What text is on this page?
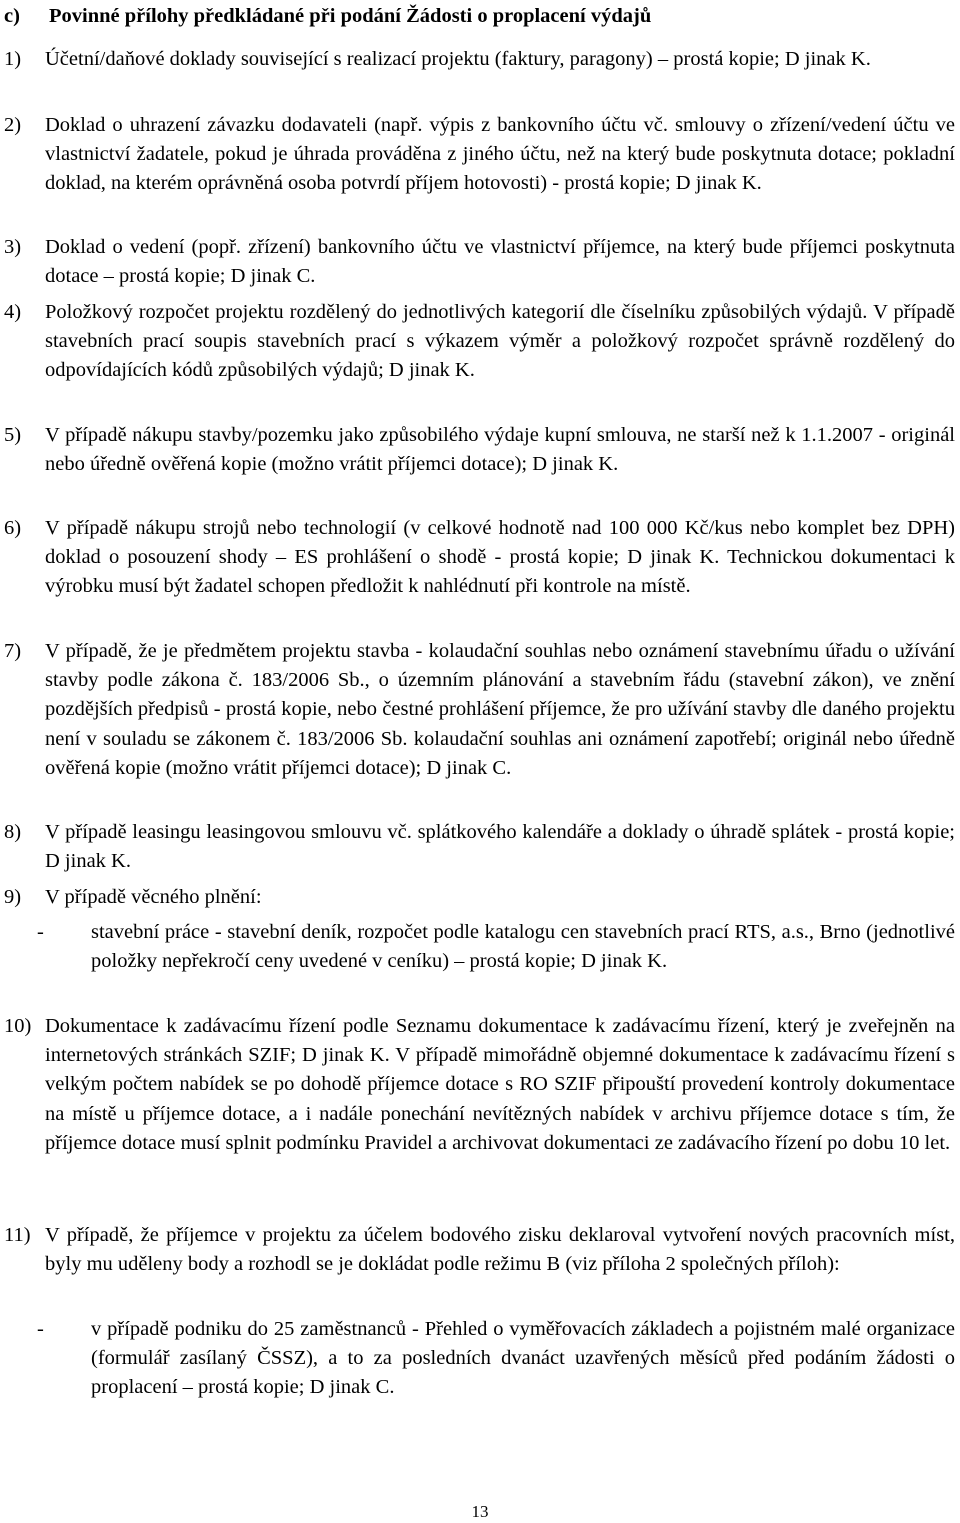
c) Povinné přílohy předkládané při podání Žádosti o proplacení výdajů
1) Účetní/daňové doklady související s realizací projektu (faktury, paragony) – prostá kopie; D jinak K.
2) Doklad o uhrazení závazku dodavateli (např. výpis z bankovního účtu vč. smlouvy o zřízení/vedení účtu ve vlastnictví žadatele, pokud je úhrada prováděna z jiného účtu, než na který bude poskytnuta dotace; pokladní doklad, na kterém oprávněná osoba potvrdí příjem hotovosti) - prostá kopie; D jinak K.
3) Doklad o vedení (popř. zřízení) bankovního účtu ve vlastnictví příjemce, na který bude příjemci poskytnuta dotace – prostá kopie; D jinak C.
4) Položkový rozpočet projektu rozdělený do jednotlivých kategorií dle číselníku způsobilých výdajů. V případě stavebních prací soupis stavebních prací s výkazem výměr a položkový rozpočet správně rozdělený do odpovídajících kódů způsobilých výdajů; D jinak K.
5) V případě nákupu stavby/pozemku jako způsobilého výdaje kupní smlouva, ne starší než k 1.1.2007 - originál nebo úředně ověřená kopie (možno vrátit příjemci dotace); D jinak K.
6) V případě nákupu strojů nebo technologií (v celkové hodnotě nad 100 000 Kč/kus nebo komplet bez DPH) doklad o posouzení shody – ES prohlášení o shodě - prostá kopie; D jinak K. Technickou dokumentaci k výrobku musí být žadatel schopen předložit k nahlédnutí při kontrole na místě.
7) V případě, že je předmětem projektu stavba - kolaudační souhlas nebo oznámení stavebnímu úřadu o užívání stavby podle zákona č. 183/2006 Sb., o územním plánování a stavebním řádu (stavební zákon), ve znění pozdějších předpisů - prostá kopie, nebo čestné prohlášení příjemce, že pro užívání stavby dle daného projektu není v souladu se zákonem č. 183/2006 Sb. kolaudační souhlas ani oznámení zapotřebí; originál nebo úředně ověřená kopie (možno vrátit příjemci dotace); D jinak C.
8) V případě leasingu leasingovou smlouvu vč. splátkového kalendáře a doklady o úhradě splátek - prostá kopie; D jinak K.
9) V případě věcného plnění:
- stavební práce - stavební deník, rozpočet podle katalogu cen stavebních prací RTS, a.s., Brno (jednotlivé položky nepřekročí ceny uvedené v ceníku) – prostá kopie; D jinak K.
10) Dokumentace k zadávacímu řízení podle Seznamu dokumentace k zadávacímu řízení, který je zveřejněn na internetových stránkách SZIF; D jinak K. V případě mimořádně objemné dokumentace k zadávacímu řízení s velkým počtem nabídek se po dohodě příjemce dotace s RO SZIF připouští provedení kontroly dokumentace na místě u příjemce dotace, a i nadále ponechání nevítězných nabídek v archivu příjemce dotace s tím, že příjemce dotace musí splnit podmínku Pravidel a archivovat dokumentaci ze zadávacího řízení po dobu 10 let.
11) V případě, že příjemce v projektu za účelem bodového zisku deklaroval vytvoření nových pracovních míst, byly mu uděleny body a rozhodl se je dokládat podle režimu B (viz příloha 2 společných příloh):
- v případě podniku do 25 zaměstnanců - Přehled o vyměřovacích základech a pojistném malé organizace (formulář zasílaný ČSSZ), a to za posledních dvanáct uzavřených měsíců před podáním žádosti o proplacení – prostá kopie; D jinak C.
13
